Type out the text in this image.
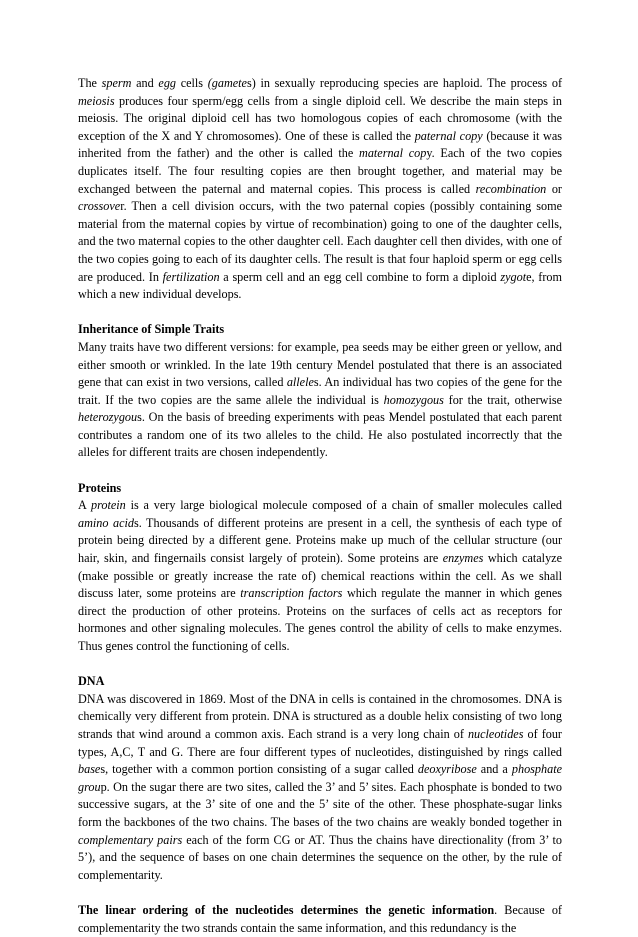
The sperm and egg cells (gametes) in sexually reproducing species are haploid. The process of meiosis produces four sperm/egg cells from a single diploid cell. We describe the main steps in meiosis. The original diploid cell has two homologous copies of each chromosome (with the exception of the X and Y chromosomes). One of these is called the paternal copy (because it was inherited from the father) and the other is called the maternal copy. Each of the two copies duplicates itself. The four resulting copies are then brought together, and material may be exchanged between the paternal and maternal copies. This process is called recombination or crossover. Then a cell division occurs, with the two paternal copies (possibly containing some material from the maternal copies by virtue of recombination) going to one of the daughter cells, and the two maternal copies to the other daughter cell. Each daughter cell then divides, with one of the two copies going to each of its daughter cells. The result is that four haploid sperm or egg cells are produced. In fertilization a sperm cell and an egg cell combine to form a diploid zygote, from which a new individual develops.

Inheritance of Simple Traits

Many traits have two different versions: for example, pea seeds may be either green or yellow, and either smooth or wrinkled. In the late 19th century Mendel postulated that there is an associated gene that can exist in two versions, called alleles. An individual has two copies of the gene for the trait. If the two copies are the same allele the individual is homozygous for the trait, otherwise heterozygous. On the basis of breeding experiments with peas Mendel postulated that each parent contributes a random one of its two alleles to the child. He also postulated incorrectly that the alleles for different traits are chosen independently.

Proteins

A protein is a very large biological molecule composed of a chain of smaller molecules called amino acids. Thousands of different proteins are present in a cell, the synthesis of each type of protein being directed by a different gene. Proteins make up much of the cellular structure (our hair, skin, and fingernails consist largely of protein). Some proteins are enzymes which catalyze (make possible or greatly increase the rate of) chemical reactions within the cell. As we shall discuss later, some proteins are transcription factors which regulate the manner in which genes direct the production of other proteins. Proteins on the surfaces of cells act as receptors for hormones and other signaling molecules. The genes control the ability of cells to make enzymes. Thus genes control the functioning of cells.

DNA

DNA was discovered in 1869. Most of the DNA in cells is contained in the chromosomes. DNA is chemically very different from protein. DNA is structured as a double helix consisting of two long strands that wind around a common axis. Each strand is a very long chain of nucleotides of four types, A,C, T and G. There are four different types of nucleotides, distinguished by rings called bases, together with a common portion consisting of a sugar called deoxyribose and a phosphate group. On the sugar there are two sites, called the 3’ and 5’ sites. Each phosphate is bonded to two successive sugars, at the 3’ site of one and the 5’ site of the other. These phosphate-sugar links form the backbones of the two chains. The bases of the two chains are weakly bonded together in complementary pairs each of the form CG or AT. Thus the chains have directionality (from 3’ to 5’), and the sequence of bases on one chain determines the sequence on the other, by the rule of complementarity.

The linear ordering of the nucleotides determines the genetic information. Because of complementarity the two strands contain the same information, and this redundancy is the
